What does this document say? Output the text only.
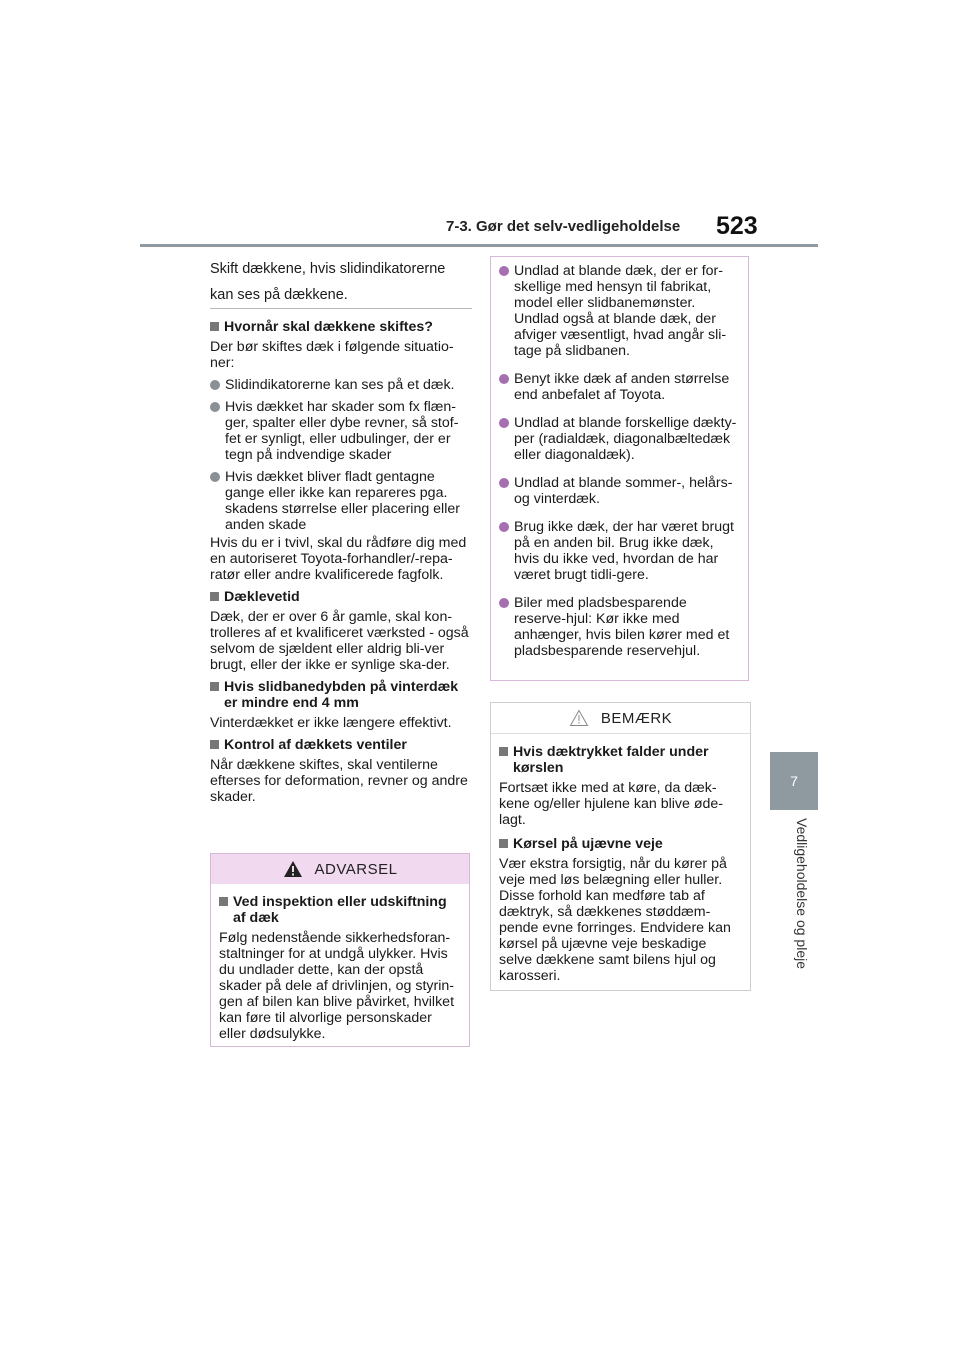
7-3. Gør det selv-vedligeholdelse 523
7
Vedligeholdelse og pleje

Skift dækkene, hvis slidindikatorerne kan ses på dækkene.

Hvornår skal dækkene skiftes?

Der bør skiftes dæk i følgende situatio-ner:

Slidindikatorerne kan ses på et dæk.
Hvis dækket har skader som fx flæn-ger, spalter eller dybe revner, så stof-fet er synligt, eller udbulinger, der er tegn på indvendige skader
Hvis dækket bliver fladt gentagne gange eller ikke kan repareres pga. skadens størrelse eller placering eller anden skade

Hvis du er i tvivl, skal du rådføre dig med en autoriseret Toyota-forhandler/-repa-ratør eller andre kvalificerede fagfolk.

Dæklevetid

Dæk, der er over 6 år gamle, skal kon-trolleres af et kvalificeret værksted - også selvom de sjældent eller aldrig bli-ver brugt, eller der ikke er synlige ska-der.

Hvis slidbanedybden på vinterdæk er mindre end 4 mm

Vinterdækket er ikke længere effektivt.

Kontrol af dækkets ventiler

Når dækkene skiftes, skal ventilerne efterses for deformation, revner og andre skader.

ADVARSEL
Ved inspektion eller udskiftning af dæk

Følg nedenstående sikkerhedsforan-staltninger for at undgå ulykker. Hvis du undlader dette, kan der opstå skader på dele af drivlinjen, og styrin-gen af bilen kan blive påvirket, hvilket kan føre til alvorlige personskader eller dødsulykke.

Undlad at blande dæk, der er for-skellige med hensyn til fabrikat, model eller slidbanemønster. Undlad også at blande dæk, der afviger væsentligt, hvad angår sli-tage på slidbanen.
Benyt ikke dæk af anden størrelse end anbefalet af Toyota.
Undlad at blande forskellige dækty-per (radialdæk, diagonalbæltedæk eller diagonaldæk).
Undlad at blande sommer-, helårs- og vinterdæk.
Brug ikke dæk, der har været brugt på en anden bil. Brug ikke dæk, hvis du ikke ved, hvordan de har været brugt tidli-gere.
Biler med pladsbesparende reserve-hjul: Kør ikke med anhænger, hvis bilen kører med et pladsbesparende reservehjul.
BEMÆRK
Hvis dæktrykket falder under kørslen

Fortsæt ikke med at køre, da dæk-kene og/eller hjulene kan blive øde-lagt.

Kørsel på ujævne veje

Vær ekstra forsigtig, når du kører på veje med løs belægning eller huller. Disse forhold kan medføre tab af dæktryk, så dækkenes støddæm-pende evne forringes. Endvidere kan kørsel på ujævne veje beskadige selve dækkene samt bilens hjul og karosseri.
